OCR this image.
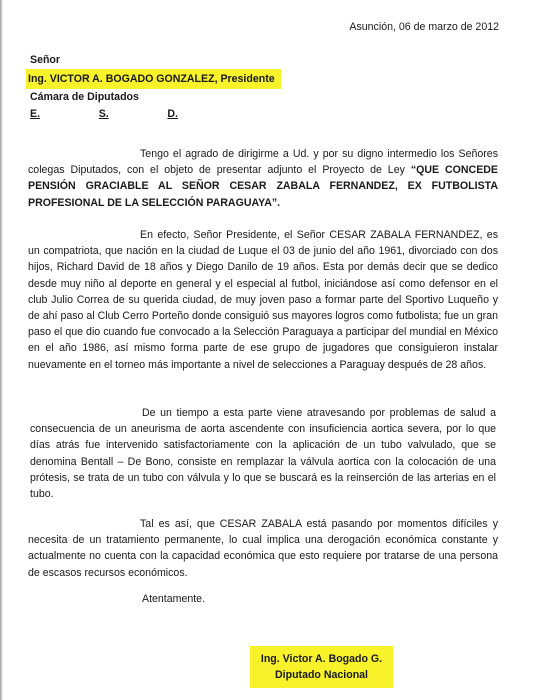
Asunción, 06 de marzo de 2012
Señor
Ing. VICTOR A. BOGADO GONZALEZ, Presidente
Cámara de Diputados
E.	S.	D.

Tengo el agrado de dirigirme a Ud. y por su digno intermedio los Señores colegas Diputados, con el objeto de presentar adjunto el Proyecto de Ley “QUE CONCEDE PENSIÓN GRACIABLE AL SEÑOR CESAR ZABALA FERNANDEZ, EX FUTBOLISTA PROFESIONAL DE LA SELECCIÓN PARAGUAYA”.

En efecto, Señor Presidente, el Señor CESAR ZABALA FERNANDEZ, es un compatriota, que nación en la ciudad de Luque el 03 de junio del año 1961, divorciado con dos hijos, Richard David de 18 años y Diego Danilo de 19 años. Esta por demás decir que se dedico desde muy niño al deporte en general y el especial al futbol, iniciándose así como defensor en el club Julio Correa de su querida ciudad, de muy joven paso a formar parte del Sportivo Luqueño y de ahí paso al Club Cerro Porteño donde consiguió sus mayores logros como futbolista; fue un gran paso el que dio cuando fue convocado a la Selección Paraguaya a participar del mundial en México en el año 1986, así mismo forma parte de ese grupo de jugadores que consiguieron instalar nuevamente en el torneo más importante a nivel de selecciones a Paraguay después de 28 años.

De un tiempo a esta parte viene atravesando por problemas de salud a consecuencia de un aneurisma de aorta ascendente con insuficiencia aortica severa, por lo que días atrás fue intervenido satisfactoriamente con la aplicación de un tubo valvulado, que se denomina Bentall – De Bono, consiste en remplazar la válvula aortica con la colocación de una prótesis, se trata de un tubo con válvula y lo que se buscará es la reinserción de las arterias en el tubo.

Tal es así, que CESAR ZABALA está pasando por momentos difíciles y necesita de un tratamiento permanente, lo cual implica una derogación económica constante y actualmente no cuenta con la capacidad económica que esto requiere por tratarse de una persona de escasos recursos económicos.

Atentamente.
Ing. Victor A. Bogado G.
Diputado Nacional
